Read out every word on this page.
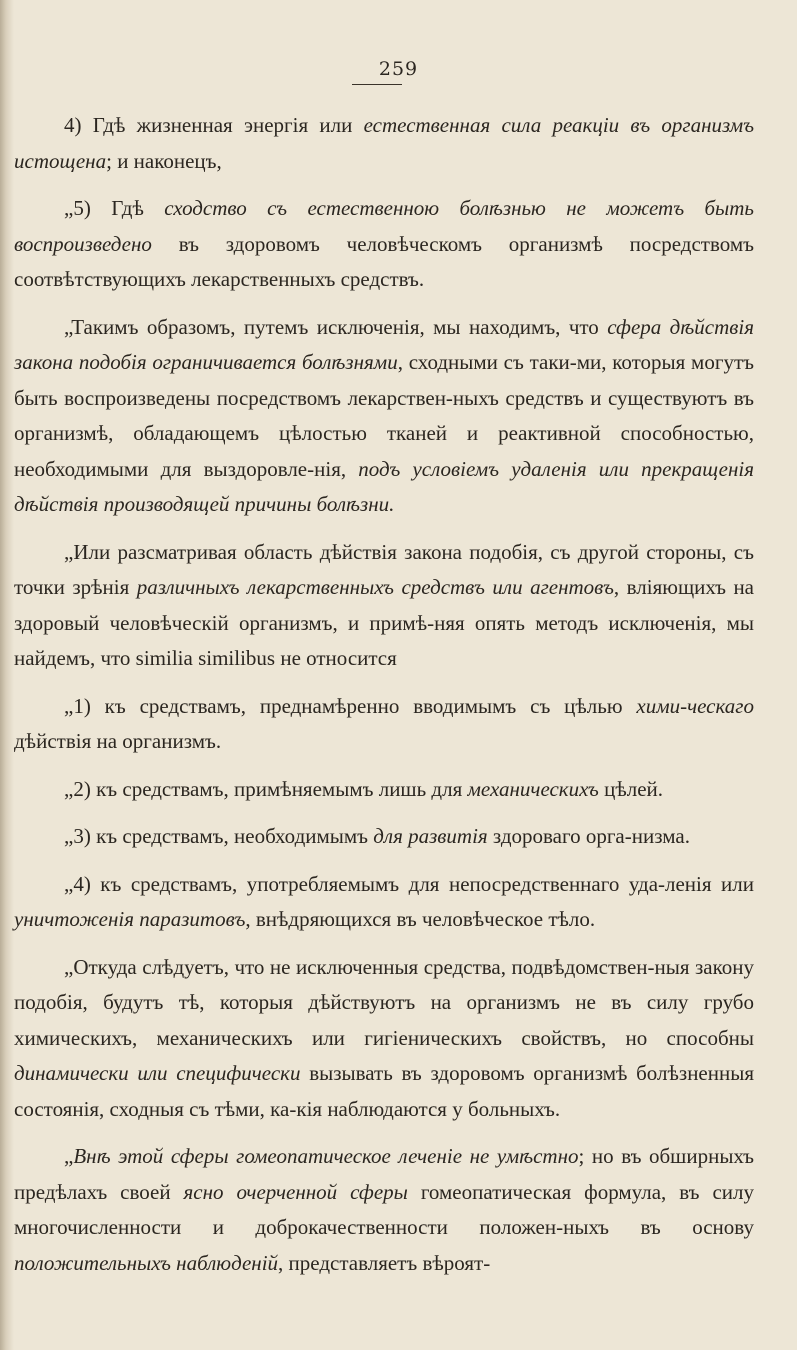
259

4) Гдѣ жизненная энергія или естественная сила реакціи въ организмъ истощена; и наконецъ,

„5) Гдѣ сходство съ естественною болѣзнью не можетъ быть воспроизведено въ здоровомъ человѣческомъ организмѣ посредствомъ соотвѣтствующихъ лекарственныхъ средствъ.

„Такимъ образомъ, путемъ исключенія, мы находимъ, что сфера дѣйствія закона подобія ограничивается болѣзнями, сходными съ таки-ми, которыя могутъ быть воспроизведены посредствомъ лекарствен-ныхъ средствъ и существуютъ въ организмѣ, обладающемъ цѣлостью тканей и реактивной способностью, необходимыми для выздоровле-нія, подъ условіемъ удаленія или прекращенія дѣйствія производящей причины болѣзни.

„Или разсматривая область дѣйствія закона подобія, съ другой стороны, съ точки зрѣнія различныхъ лекарственныхъ средствъ или агентовъ, вліяющихъ на здоровый человѣческій организмъ, и примѣ-няя опять методъ исключенія, мы найдемъ, что similia similibus не относится

„1) къ средствамъ, преднамѣренно вводимымъ съ цѣлью хими-ческаго дѣйствія на организмъ.

„2) къ средствамъ, примѣняемымъ лишь для механическихъ цѣлей.

„3) къ средствамъ, необходимымъ для развитія здороваго орга-низма.

„4) къ средствамъ, употребляемымъ для непосредственнаго уда-ленія или уничтоженія паразитовъ, внѣдряющихся въ человѣческое тѣло.

„Откуда слѣдуетъ, что не исключенныя средства, подвѣдомствен-ныя закону подобія, будутъ тѣ, которыя дѣйствуютъ на организмъ не въ силу грубо химическихъ, механическихъ или гигіеническихъ свойствъ, но способны динамически или специфически вызывать въ здоровомъ организмѣ болѣзненныя состоянія, сходныя съ тѣми, ка-кія наблюдаются у больныхъ.

„Внѣ этой сферы гомеопатическое леченіе не умѣстно; но въ обширныхъ предѣлахъ своей ясно очерченной сферы гомеопатическая формула, въ силу многочисленности и доброкачественности положен-ныхъ въ основу положительныхъ наблюденій, представляетъ вѣроят-
